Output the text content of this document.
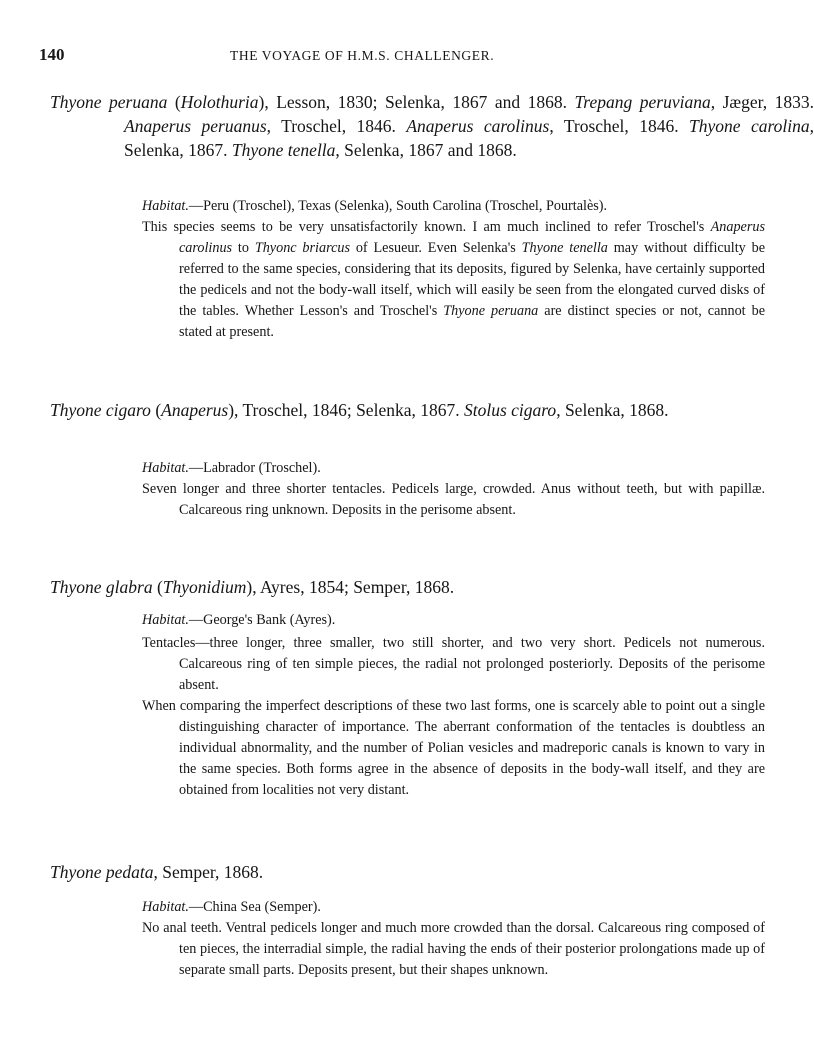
140	THE VOYAGE OF H.M.S. CHALLENGER.
Thyone peruana (Holothuria), Lesson, 1830; Selenka, 1867 and 1868. Trepang peruviana, Jæger, 1833. Anaperus peruanus, Troschel, 1846. Anaperus carolinus, Troschel, 1846. Thyone carolina, Selenka, 1867. Thyone tenella, Selenka, 1867 and 1868.
Habitat.—Peru (Troschel), Texas (Selenka), South Carolina (Troschel, Pourtalès).
This species seems to be very unsatisfactorily known. I am much inclined to refer Troschel's Anaperus carolinus to Thyonc briarcus of Lesueur. Even Selenka's Thyone tenella may without difficulty be referred to the same species, considering that its deposits, figured by Selenka, have certainly supported the pedicels and not the body-wall itself, which will easily be seen from the elongated curved disks of the tables. Whether Lesson's and Troschel's Thyone peruana are distinct species or not, cannot be stated at present.
Thyone cigaro (Anaperus), Troschel, 1846; Selenka, 1867. Stolus cigaro, Selenka, 1868.
Habitat.—Labrador (Troschel).
Seven longer and three shorter tentacles. Pedicels large, crowded. Anus without teeth, but with papillæ. Calcareous ring unknown. Deposits in the perisome absent.
Thyone glabra (Thyonidium), Ayres, 1854; Semper, 1868.
Habitat.—George's Bank (Ayres).
Tentacles—three longer, three smaller, two still shorter, and two very short. Pedicels not numerous. Calcareous ring of ten simple pieces, the radial not prolonged posteriorly. Deposits of the perisome absent.
When comparing the imperfect descriptions of these two last forms, one is scarcely able to point out a single distinguishing character of importance. The aberrant conformation of the tentacles is doubtless an individual abnormality, and the number of Polian vesicles and madreporic canals is known to vary in the same species. Both forms agree in the absence of deposits in the body-wall itself, and they are obtained from localities not very distant.
Thyone pedata, Semper, 1868.
Habitat.—China Sea (Semper).
No anal teeth. Ventral pedicels longer and much more crowded than the dorsal. Calcareous ring composed of ten pieces, the interradial simple, the radial having the ends of their posterior prolongations made up of separate small parts. Deposits present, but their shapes unknown.
